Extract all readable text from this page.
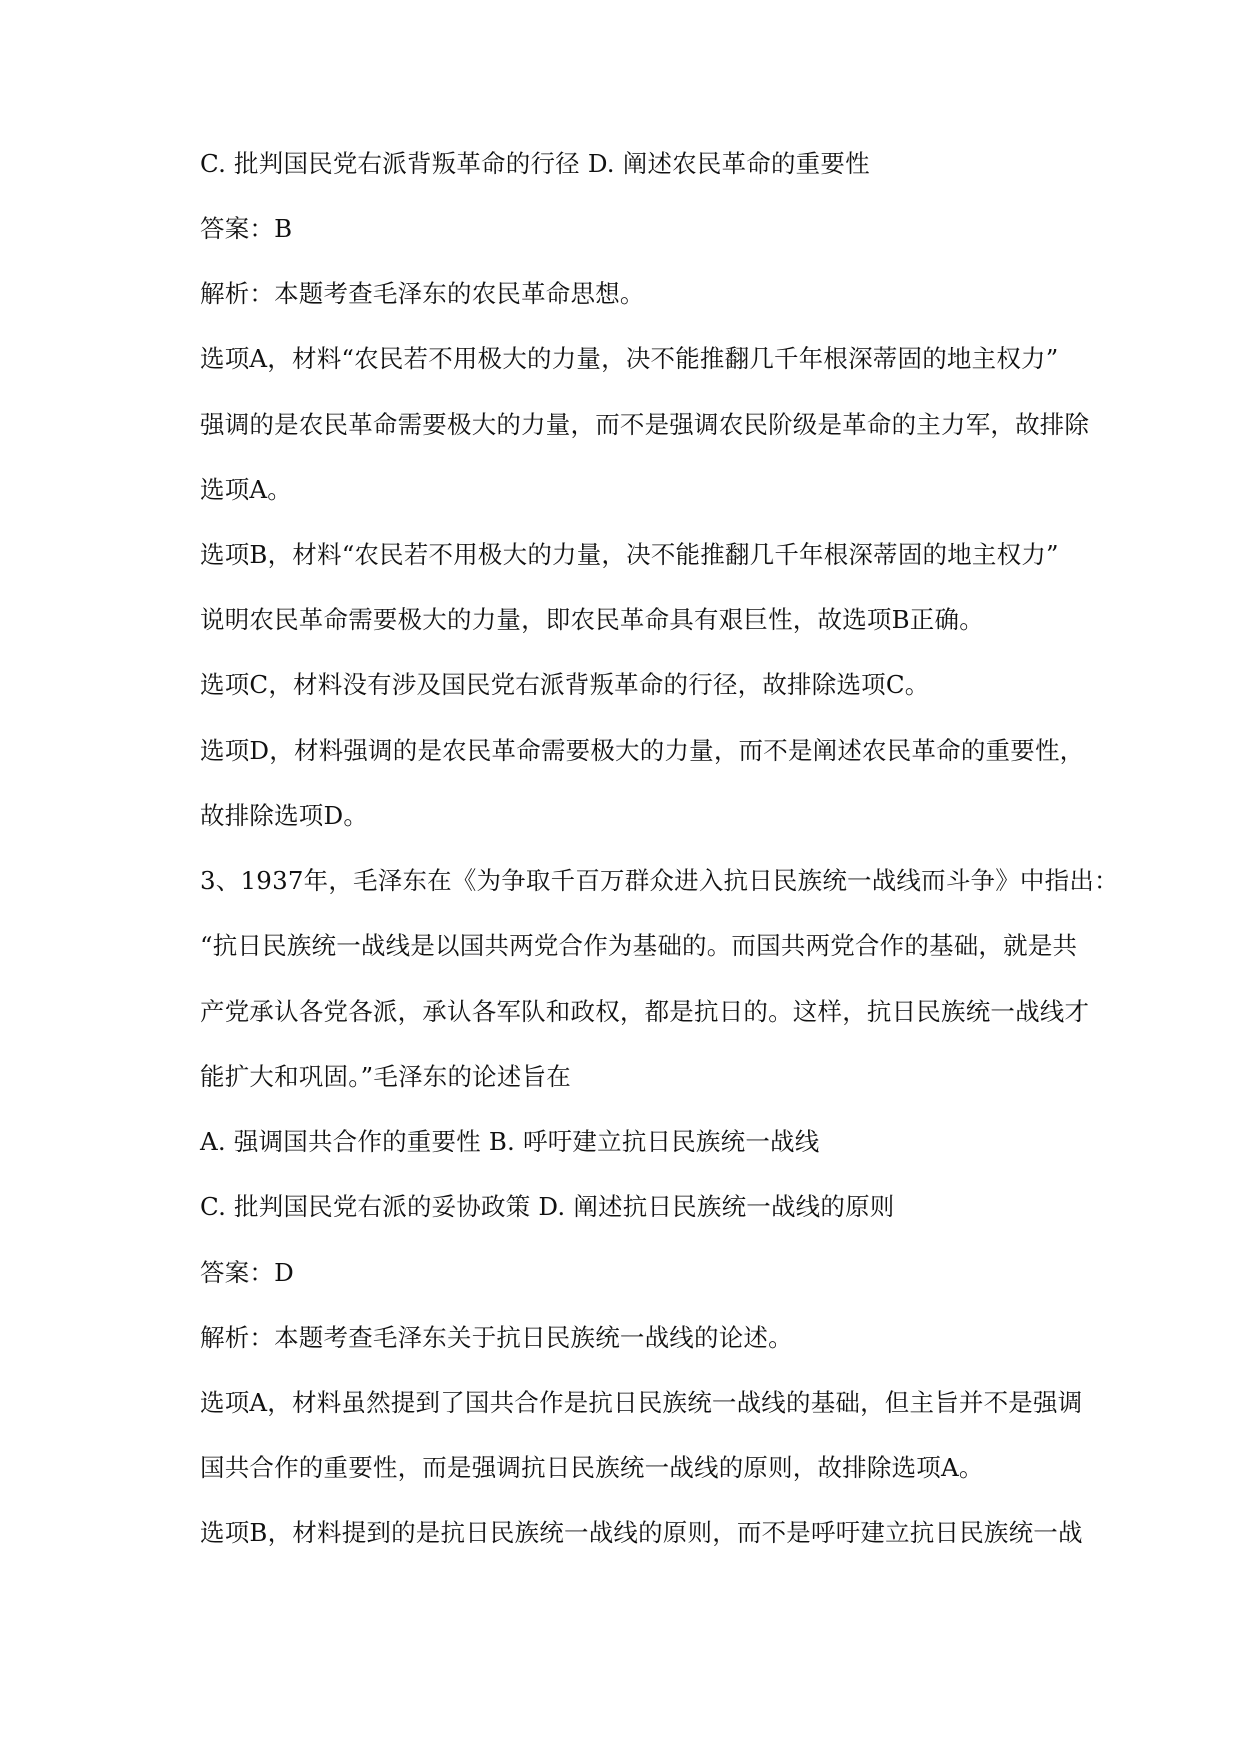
C. 批判国民党右派背叛革命的行径 D. 阐述农民革命的重要性
答案：B
解析：本题考查毛泽东的农民革命思想。
选项A，材料“农民若不用极大的力量，决不能推翻几千年根深蒂固的地主权力”
强调的是农民革命需要极大的力量，而不是强调农民阶级是革命的主力军，故排除
选项A。
选项B，材料“农民若不用极大的力量，决不能推翻几千年根深蒂固的地主权力”
说明农民革命需要极大的力量，即农民革命具有艰巨性，故选项B正确。
选项C，材料没有涉及国民党右派背叛革命的行径，故排除选项C。
选项D，材料强调的是农民革命需要极大的力量，而不是阐述农民革命的重要性，
故排除选项D。
3、1937年，毛泽东在《为争取千百万群众进入抗日民族统一战线而斗争》中指出：
“抗日民族统一战线是以国共两党合作为基础的。而国共两党合作的基础，就是共
产党承认各党各派，承认各军队和政权，都是抗日的。这样，抗日民族统一战线才
能扩大和巩固。”毛泽东的论述旨在
A. 强调国共合作的重要性 B. 呼吁建立抗日民族统一战线
C. 批判国民党右派的妥协政策 D. 阐述抗日民族统一战线的原则
答案：D
解析：本题考查毛泽东关于抗日民族统一战线的论述。
选项A，材料虽然提到了国共合作是抗日民族统一战线的基础，但主旨并不是强调
国共合作的重要性，而是强调抗日民族统一战线的原则，故排除选项A。
选项B，材料提到的是抗日民族统一战线的原则，而不是呼吁建立抗日民族统一战
